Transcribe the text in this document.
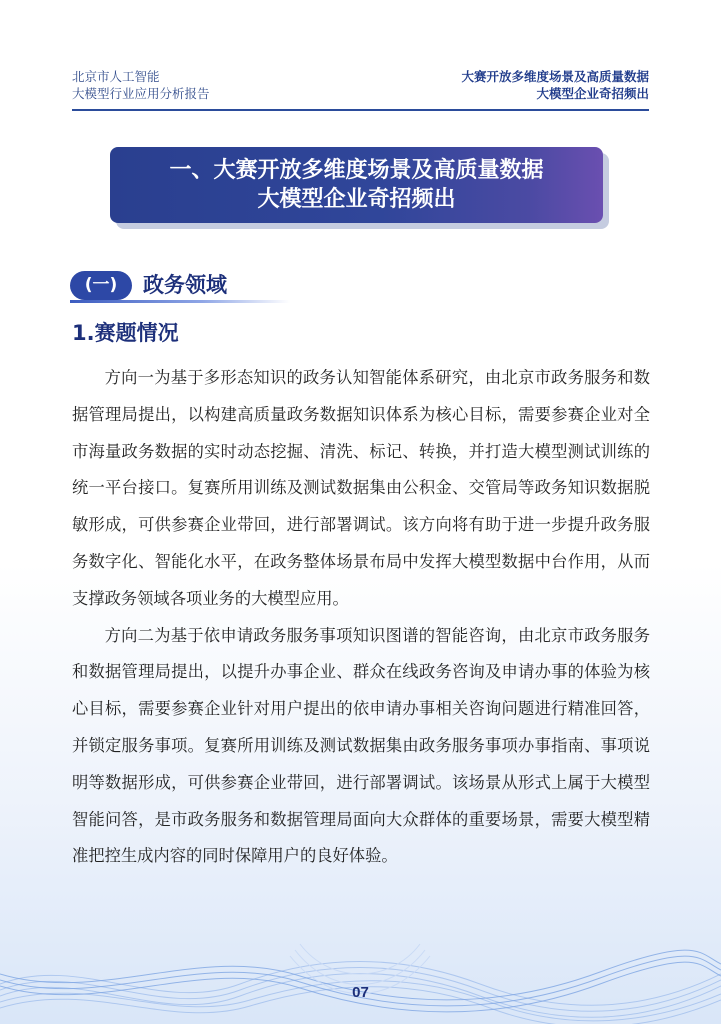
北京市人工智能
大模型行业应用分析报告
大赛开放多维度场景及高质量数据
大模型企业奇招频出
一、大赛开放多维度场景及高质量数据
大模型企业奇招频出
(一)	政务领域
1.赛题情况

方向一为基于多形态知识的政务认知智能体系研究，由北京市政务服务和数据管理局提出，以构建高质量政务数据知识体系为核心目标，需要参赛企业对全市海量政务数据的实时动态挖掘、清洗、标记、转换，并打造大模型测试训练的统一平台接口。复赛所用训练及测试数据集由公积金、交管局等政务知识数据脱敏形成，可供参赛企业带回，进行部署调试。该方向将有助于进一步提升政务服务数字化、智能化水平，在政务整体场景布局中发挥大模型数据中台作用，从而支撑政务领域各项业务的大模型应用。

方向二为基于依申请政务服务事项知识图谱的智能咨询，由北京市政务服务和数据管理局提出，以提升办事企业、群众在线政务咨询及申请办事的体验为核心目标，需要参赛企业针对用户提出的依申请办事相关咨询问题进行精准回答，并锁定服务事项。复赛所用训练及测试数据集由政务服务事项办事指南、事项说明等数据形成，可供参赛企业带回，进行部署调试。该场景从形式上属于大模型智能问答，是市政务服务和数据管理局面向大众群体的重要场景，需要大模型精准把控生成内容的同时保障用户的良好体验。

07
